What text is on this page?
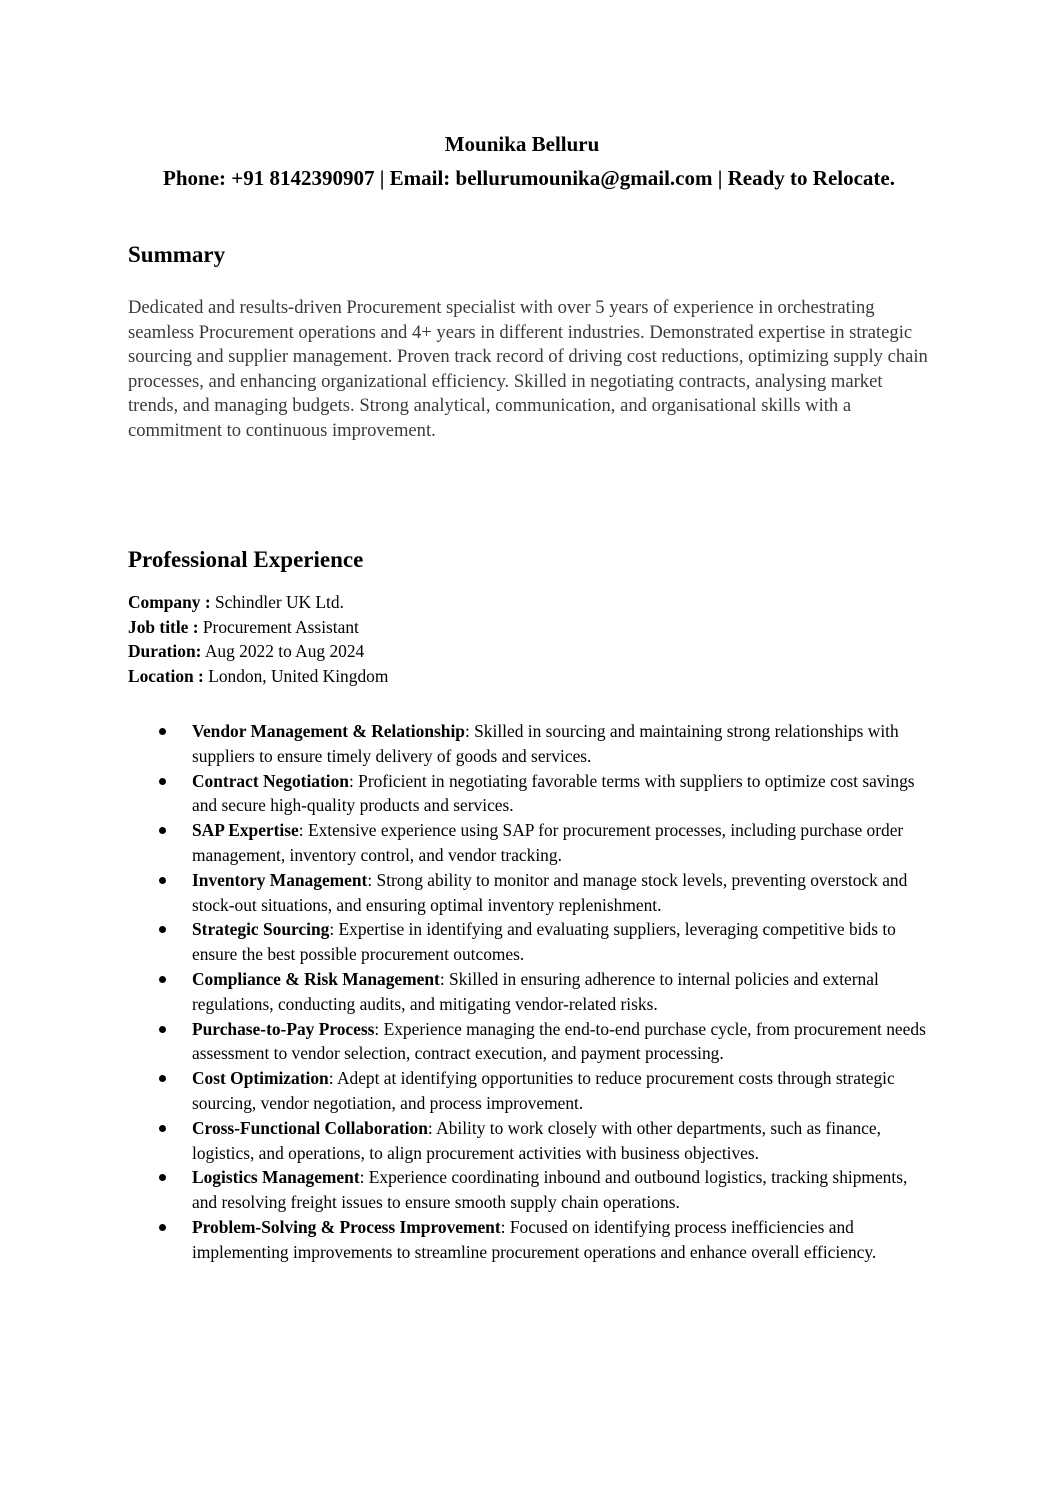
Mounika Belluru
Phone: +91 8142390907 | Email: bellurumounika@gmail.com | Ready to Relocate.
Summary

Dedicated and results-driven Procurement specialist with over 5 years of experience in orchestrating seamless Procurement operations and 4+ years in different industries. Demonstrated expertise in strategic sourcing and supplier management. Proven track record of driving cost reductions, optimizing supply chain processes, and enhancing organizational efficiency. Skilled in negotiating contracts, analysing market trends, and managing budgets. Strong analytical, communication, and organisational skills with a commitment to continuous improvement.

Professional Experience
Company : Schindler UK Ltd.
Job title : Procurement Assistant
Duration: Aug 2022 to Aug 2024
Location : London, United Kingdom
Vendor Management & Relationship: Skilled in sourcing and maintaining strong relationships with suppliers to ensure timely delivery of goods and services.
Contract Negotiation: Proficient in negotiating favorable terms with suppliers to optimize cost savings and secure high-quality products and services.
SAP Expertise: Extensive experience using SAP for procurement processes, including purchase order management, inventory control, and vendor tracking.
Inventory Management: Strong ability to monitor and manage stock levels, preventing overstock and stock-out situations, and ensuring optimal inventory replenishment.
Strategic Sourcing: Expertise in identifying and evaluating suppliers, leveraging competitive bids to ensure the best possible procurement outcomes.
Compliance & Risk Management: Skilled in ensuring adherence to internal policies and external regulations, conducting audits, and mitigating vendor-related risks.
Purchase-to-Pay Process: Experience managing the end-to-end purchase cycle, from procurement needs assessment to vendor selection, contract execution, and payment processing.
Cost Optimization: Adept at identifying opportunities to reduce procurement costs through strategic sourcing, vendor negotiation, and process improvement.
Cross-Functional Collaboration: Ability to work closely with other departments, such as finance, logistics, and operations, to align procurement activities with business objectives.
Logistics Management: Experience coordinating inbound and outbound logistics, tracking shipments, and resolving freight issues to ensure smooth supply chain operations.
Problem-Solving & Process Improvement: Focused on identifying process inefficiencies and implementing improvements to streamline procurement operations and enhance overall efficiency.
